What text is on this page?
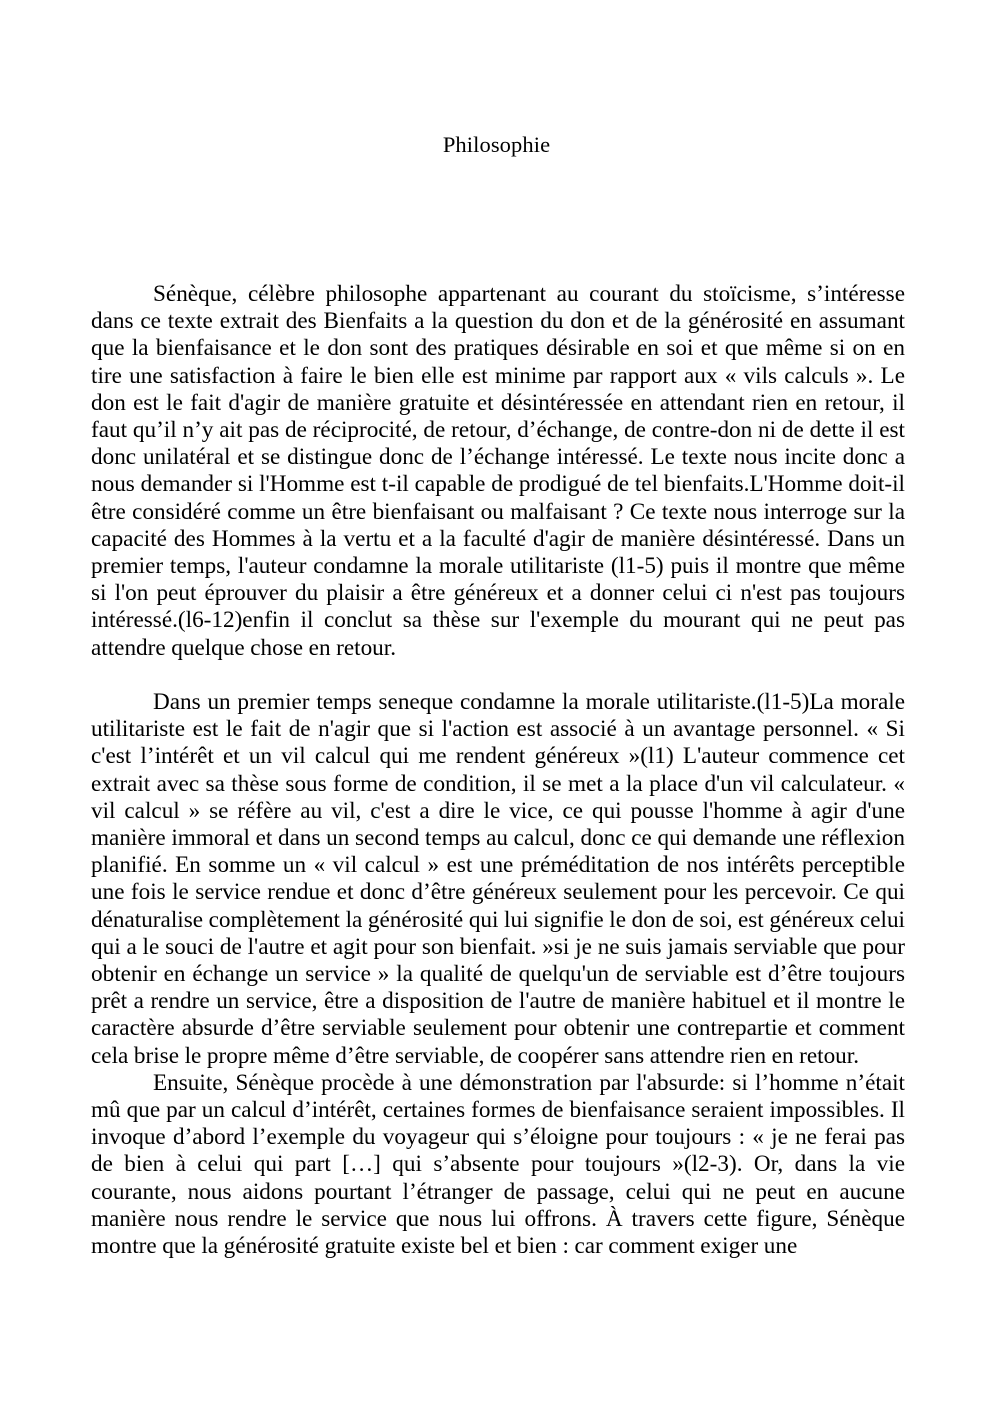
Philosophie

Sénèque, célèbre philosophe appartenant au courant du stoïcisme, s’intéresse dans ce texte extrait des Bienfaits a la question du don et de la générosité en assumant que la bienfaisance et le don sont des pratiques désirable en soi et que même si on en tire une satisfaction à faire le bien elle est minime par rapport aux « vils calculs ». Le don est le fait d'agir de manière gratuite et désintéressée en attendant rien en retour, il faut qu’il n’y ait pas de réciprocité, de retour, d’échange, de contre-don ni de dette il est donc unilatéral et se distingue donc de l’échange intéressé. Le texte nous incite donc a nous demander si l'Homme est t-il capable de prodigué de tel bienfaits.L'Homme doit-il être considéré comme un être bienfaisant ou malfaisant ? Ce texte nous interroge sur la capacité des Hommes à la vertu et a la faculté d'agir de manière désintéressé. Dans un premier temps, l'auteur condamne la morale utilitariste (l1-5) puis il montre que même si l'on peut éprouver du plaisir a être généreux et a donner celui ci n'est pas toujours intéressé.(l6-12)enfin il conclut sa thèse sur l'exemple du mourant qui ne peut pas attendre quelque chose en retour.

Dans un premier temps seneque condamne la morale utilitariste.(l1-5)La morale utilitariste est le fait de n'agir que si l'action est associé à un avantage personnel. « Si c'est l’intérêt et un vil calcul qui me rendent généreux »(l1) L'auteur commence cet extrait avec sa thèse sous forme de condition, il se met a la place d'un vil calculateur. « vil calcul » se réfère au vil, c'est a dire le vice, ce qui pousse l'homme à agir d'une manière immoral et dans un second temps au calcul, donc ce qui demande une réflexion planifié. En somme un « vil calcul » est une préméditation de nos intérêts perceptible une fois le service rendue et donc d’être généreux seulement pour les percevoir. Ce qui dénaturalise complètement la générosité qui lui signifie le don de soi, est généreux celui qui a le souci de l'autre et agit pour son bienfait. »si je ne suis jamais serviable que pour obtenir en échange un service » la qualité de quelqu'un de serviable est d’être toujours prêt a rendre un service, être a disposition de l'autre de manière habituel et il montre le caractère absurde d’être serviable seulement pour obtenir une contrepartie et comment cela brise le propre même d’être serviable, de coopérer sans attendre rien en retour.

Ensuite, Sénèque procède à une démonstration par l'absurde: si l’homme n’était mû que par un calcul d’intérêt, certaines formes de bienfaisance seraient impossibles. Il invoque d’abord l’exemple du voyageur qui s’éloigne pour toujours : « je ne ferai pas de bien à celui qui part […] qui s’absente pour toujours »(l2-3). Or, dans la vie courante, nous aidons pourtant l’étranger de passage, celui qui ne peut en aucune manière nous rendre le service que nous lui offrons. À travers cette figure, Sénèque montre que la générosité gratuite existe bel et bien : car comment exiger une
